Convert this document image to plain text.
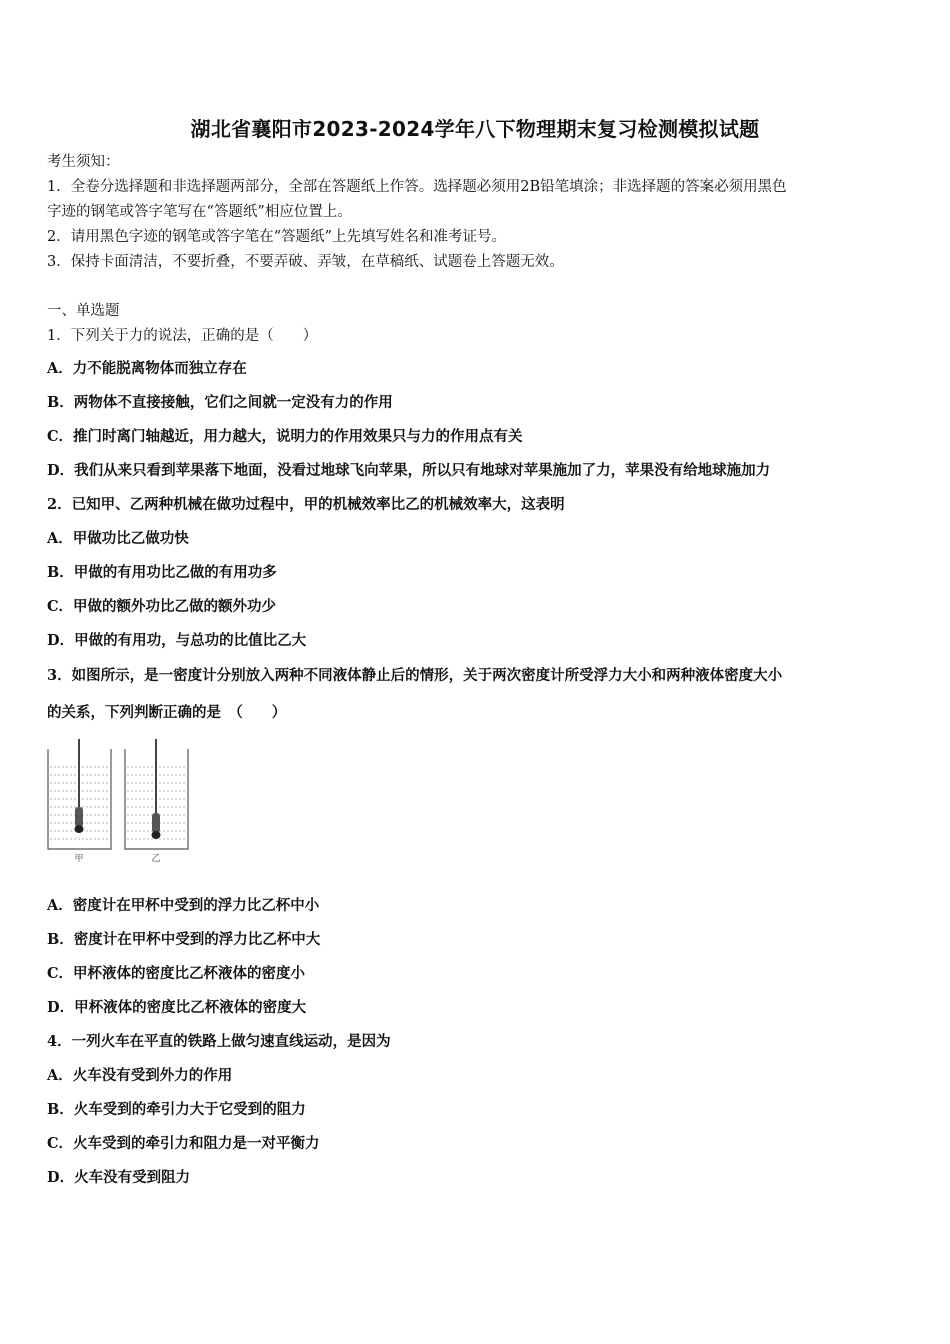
湖北省襄阳市2023-2024学年八下物理期末复习检测模拟试题
考生须知：
1．全卷分选择题和非选择题两部分，全部在答题纸上作答。选择题必须用2B铅笔填涂；非选择题的答案必须用黑色
字迹的钢笔或答字笔写在“答题纸”相应位置上。
2．请用黑色字迹的钢笔或答字笔在“答题纸”上先填写姓名和准考证号。
3．保持卡面清洁，不要折叠，不要弄破、弄皱，在草稿纸、试题卷上答题无效。
一、单选题
1．下列关于力的说法，正确的是（　　）
A．力不能脱离物体而独立存在
B．两物体不直接接触，它们之间就一定没有力的作用
C．推门时离门轴越近，用力越大，说明力的作用效果只与力的作用点有关
D．我们从来只看到苹果落下地面，没看过地球飞向苹果，所以只有地球对苹果施加了力，苹果没有给地球施加力
2．已知甲、乙两种机械在做功过程中，甲的机械效率比乙的机械效率大，这表明
A．甲做功比乙做功快
B．甲做的有用功比乙做的有用功多
C．甲做的额外功比乙做的额外功少
D．甲做的有用功，与总功的比值比乙大
3．如图所示，是一密度计分别放入两种不同液体静止后的情形，关于两次密度计所受浮力大小和两种液体密度大小
的关系，下列判断正确的是　（　　）
甲	乙
A．密度计在甲杯中受到的浮力比乙杯中小
B．密度计在甲杯中受到的浮力比乙杯中大
C．甲杯液体的密度比乙杯液体的密度小
D．甲杯液体的密度比乙杯液体的密度大
4．一列火车在平直的铁路上做匀速直线运动，是因为
A．火车没有受到外力的作用
B．火车受到的牵引力大于它受到的阻力
C．火车受到的牵引力和阻力是一对平衡力
D．火车没有受到阻力
